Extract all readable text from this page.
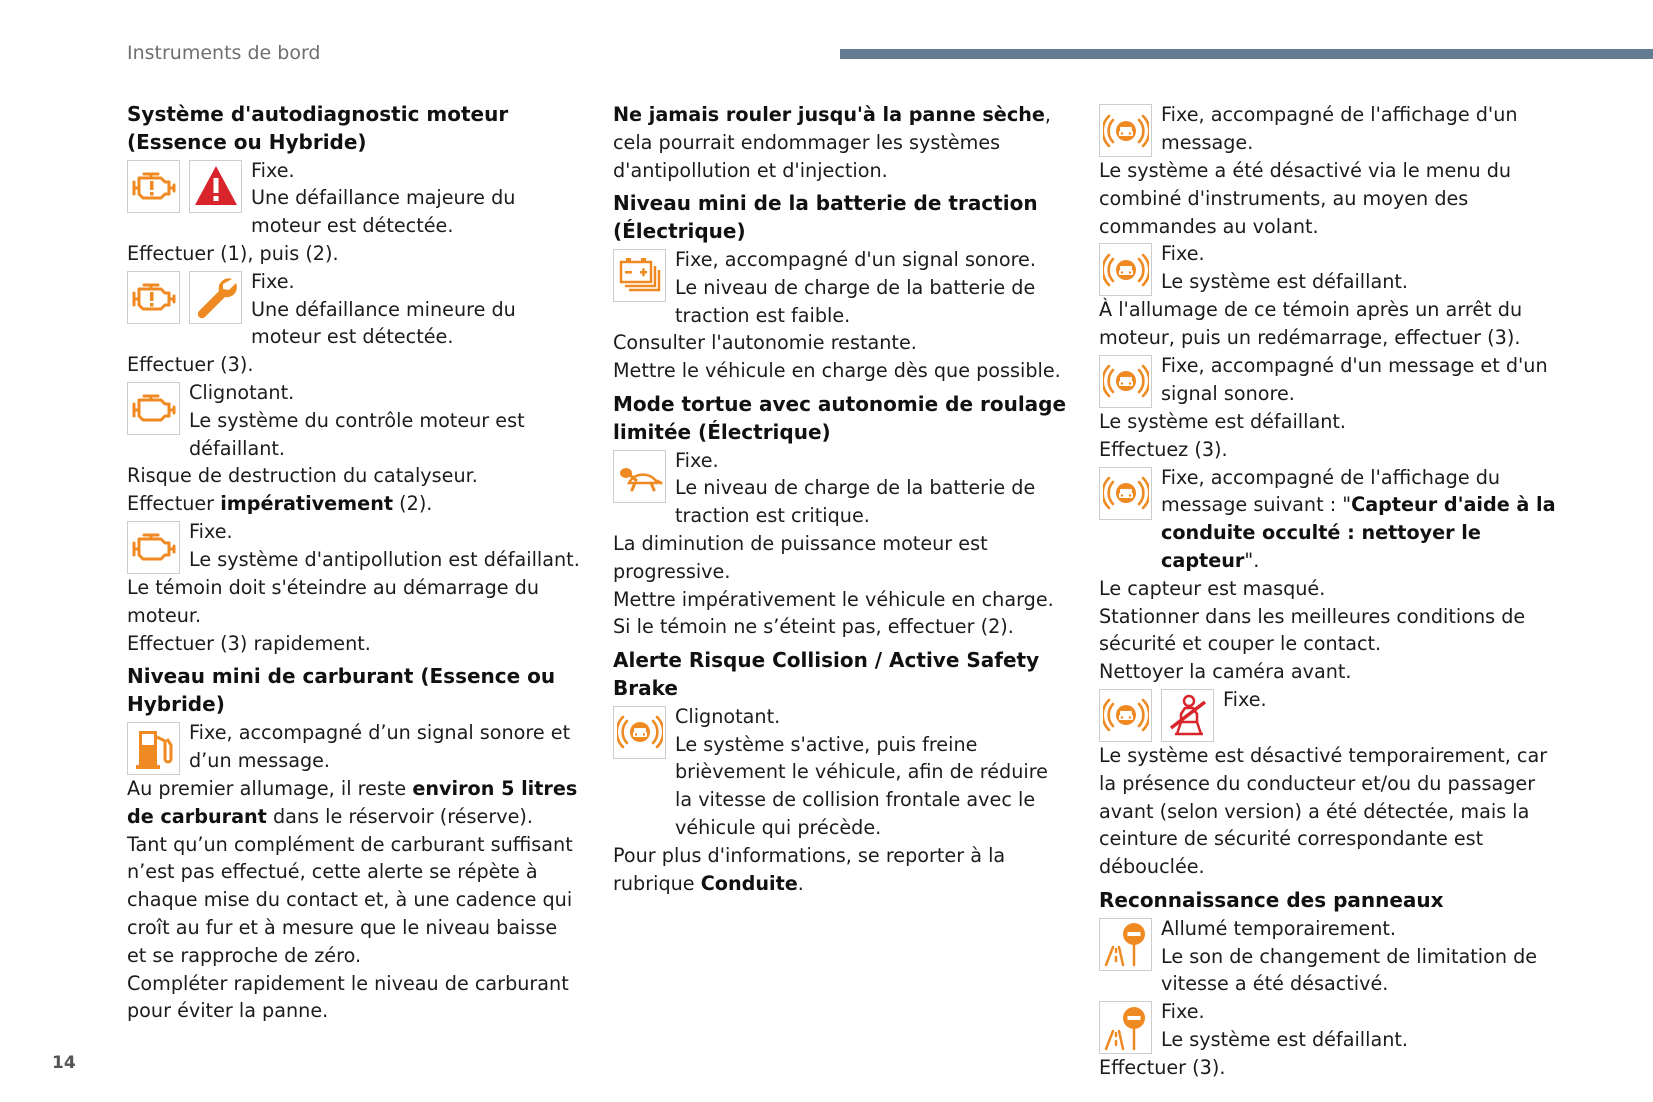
Instruments de bord
Système d'autodiagnostic moteur (Essence ou Hybride)

Fixe.

Une défaillance majeure du moteur est détectée.

Effectuer (1), puis (2).

Fixe.

Une défaillance mineure du moteur est détectée.

Effectuer (3).

Clignotant.

Le système du contrôle moteur est défaillant.

Risque de destruction du catalyseur.

Effectuer impérativement (2).

Fixe.

Le système d'antipollution est défaillant.

Le témoin doit s'éteindre au démarrage du moteur.

Effectuer (3) rapidement.

Niveau mini de carburant (Essence ou Hybride)

Fixe, accompagné d’un signal sonore et d’un message.

Au premier allumage, il reste environ 5 litres de carburant dans le réservoir (réserve).

Tant qu’un complément de carburant suffisant n’est pas effectué, cette alerte se répète à chaque mise du contact et, à une cadence qui croît au fur et à mesure que le niveau baisse et se rapproche de zéro.

Compléter rapidement le niveau de carburant pour éviter la panne.

Ne jamais rouler jusqu'à la panne sèche, cela pourrait endommager les systèmes d'antipollution et d'injection.

Niveau mini de la batterie de traction (Électrique)

Fixe, accompagné d'un signal sonore.

Le niveau de charge de la batterie de traction est faible.

Consulter l'autonomie restante.

Mettre le véhicule en charge dès que possible.

Mode tortue avec autonomie de roulage limitée (Électrique)

Fixe.

Le niveau de charge de la batterie de traction est critique.

La diminution de puissance moteur est progressive.

Mettre impérativement le véhicule en charge.

Si le témoin ne s’éteint pas, effectuer (2).

Alerte Risque Collision / Active Safety Brake

Clignotant.

Le système s'active, puis freine brièvement le véhicule, afin de réduire la vitesse de collision frontale avec le véhicule qui précède.

Pour plus d'informations, se reporter à la rubrique Conduite.

Fixe, accompagné de l'affichage d'un message.

Le système a été désactivé via le menu du combiné d'instruments, au moyen des commandes au volant.

Fixe.

Le système est défaillant.

À l'allumage de ce témoin après un arrêt du moteur, puis un redémarrage, effectuer (3).

Fixe, accompagné d'un message et d'un signal sonore.

Le système est défaillant.

Effectuez (3).

Fixe, accompagné de l'affichage du message suivant : "Capteur d'aide à la conduite occulté : nettoyer le capteur".

Le capteur est masqué.

Stationner dans les meilleures conditions de sécurité et couper le contact.

Nettoyer la caméra avant.

Fixe.

Le système est désactivé temporairement, car la présence du conducteur et/ou du passager avant (selon version) a été détectée, mais la ceinture de sécurité correspondante est débouclée.

Reconnaissance des panneaux

Allumé temporairement.

Le son de changement de limitation de vitesse a été désactivé.

Fixe.

Le système est défaillant.

Effectuer (3).

14
